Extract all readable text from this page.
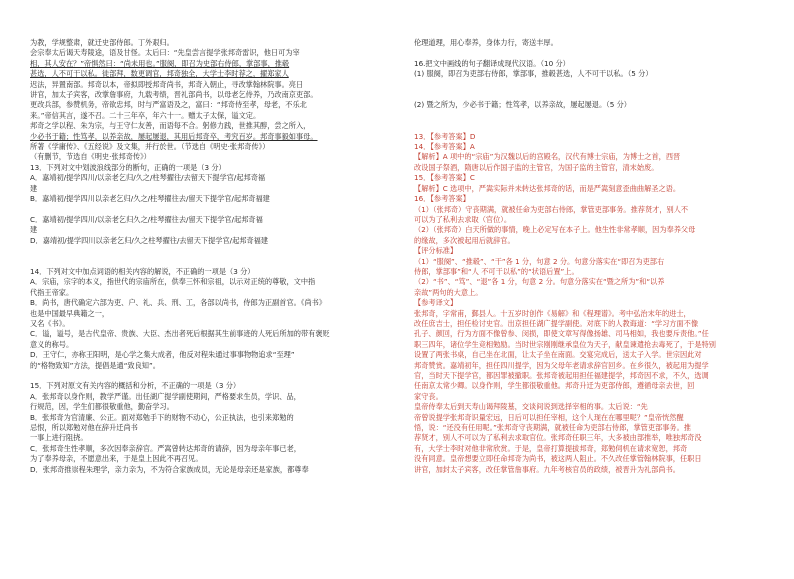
为教，学规整肃，就迁史部侍郎。丁外艰归。
会宗奉太后谒天寿陵途，语及甘怪。太后曰：“先皇尝言提学张邦奇雷识，他日可为宰
相，其人安在？”帝惧然曰：“尚未用也。”服阕，即召为史部右侍郎，掌部事，推毂
甚选，人不可干以私。徙部拜，数更调官，邦奇独全，大学士李时荐之，擢郑家人
迟法，异置南部。邦奇以本，帝拟即授邦奇尚书，邦奇入朝止，寻改掌翰林院事。亮日
讲官，加太子宾客，改掌詹事府，九载考绩，晋礼部尚书，以母老乞侍养，乃改南京吏部。
更改兵部，参赞机务，帝欲忠邦，时与严富语及之，富曰：“邦奇侍至孝，母老，不乐北
来。”帝信其言，遂不召。二十三年卒，年六十一。赠太子太保，谥文定。
邦奇之学以程、朱为宗，与王守仁友善，而语每不合。躬修力践，世推其醇，尝之所入，
少必书于籍；性笃孝，以养亲故，屡起屡退，其用后邦奇卒，考究百岁。邦奇事毅如事母。
所著《学庸传》、《五经说》及文集，并行於世。（节选自《明史·张邦奇传》）
（有删节，节选自《明史·张邦奇传》）
13．下列对文中划波浪线部分的断句，正确的一项是（3 分）
A．嘉靖初/提学四川/以亲老乞归/久之/柱琴擢往/去留天下提学官/起邦奇福
建
B．嘉靖初/提学四川以亲老乞归/久之/柱琴擢往去/留天下提学官/起邦奇福建

C．嘉靖初/提学四川/以亲老乞归久之/柱琴擢往去/留天下提学官/起邦奇福
建
D．嘉靖初/提学四川以亲老乞归/久之柱琴擢往/去留天下提学官/起邦奇福建

14．下列对文中加点词语的相关内容的解说，不正确的一项是（3 分）
A．宗庙，宗字的本义，指世代的宗庙所在，供奉三怀和宗祖，以示对正统的尊敬，文中指
代指王帝家。
B．尚书，唐代确定六部为吏、户、礼、兵、刑、工，各部以尚书，侍郎为正副首官。《尚书》
也是中国最早典籍之一，
又名《书》。
C．谥，谥号，是古代皇帝、贵族、大臣、杰出者死后根据其生前事迹的人死后所加的带有褒贬
意义的称号。
D．王守仁，亦称王阳明，是心学之集大成者，他反对程朱通过事事物物追求“至理”
的“格物致知”方法，提倡是通“致良知”。

15．下列对原文有关内容的概括和分析，不正确的一项是（3 分）
A．张邦奇以身作则，教学严谨。出任湖广提学副使期间，严格要求生员，学识、品，
行规范，因，学生们都很敬重他，勤奋学习。
B．张邦奇为官清廉、公正。面对郑勉手下的财物不动心，公正执法，也引来郑勉的
忌恨，所以郑勉对他在辞升迁尚书
一事上进行阻挠。
C．张邦奇生性孝顺，多次因奉亲辞官。严嵩曾转达邦奇的请辞，因为母亲年事已老，
为了奉养母亲，不愿意出来，于是皇上因此不再召见。
D．张邦奇推崇程朱理学，亲力亲为，不为符合家族成员，无论是母亲还是家族，都尊奉
伦理道理，用心奉养，身体力行，寄送丰厚。

16.把文中画线的句子翻译成现代汉语。（10 分）
(1) 服阕，即召为吏部右侍郎，掌部事，推毂甚选，人不可干以私。（5 分）

(2) 暨之所为，少必书于籍；性笃孝，以养亲故，屡起屡退。（5 分）

13．【参考答案】D
14．【参考答案】A
【解析】A 项中的“宗庙”为汉魏以后的宫殿名，汉代有博士宗庙，为博士之首，西晋
改设国子祭酒，隋唐以后作国子监的主管官，为国子监的主管官，清末始废。
15．【参考答案】C
【解析】C 选项中，严嵩实际并未转达张邦奇的话，而是严嵩刻意歪曲曲解圣之语。
16．【参考答案】
（1）（张邦奇）守丧期满，就被任命为吏部右侍郎，掌管吏部事务。推荐贤才，别人不
可以为了私利去求取（官位）。
（2）（张邦奇）白天所做的事情，晚上必定写在本子上。他生性非常孝顺，因为奉养父母
的缘故，多次被起用后就辞官。
【评分标准】
（1）“服阕”、“推毂”、“干”各 1 分，句意 2 分。句意分落实在“即召为吏部右
侍郎，掌部事”和“人 不可干以私”的“状语后置”上。
（2）“书”、“笃”、“退”各 1 分，句意 2 分。句意分落实在“暨之所为”和“以养
亲故”两句的大意上。
【参考译文】
张邦奇，字常甫，鄞县人。十五岁时创作《易解》和《程理谱》。考中弘治末年的进士，
改任庶吉士，担任检讨史官。出京担任湖广提学副使。对底下的人教诲道：“学习方面不像
孔子、颜回，行为方面不像曾参、闵损，即使文章写得像扬雄、司马相如，我也要斥责他。”任
职三四年，诸位学生竞相勉励。当时世宗刚刚继承皇位为天子，献皇谏遣抢去毒死了，于是特别
设置了两张书桌，自己坐在北面，让太子坐在南面。交宴完成后，送太子入学。世宗因此对
邦奇赞赏。嘉靖初年，担任四川提学，因为父母年老请求辞官回乡。在乡很久，被起用为提学
官，当时天下提学官，都因罪被撤职。张邦奇被起用担任福建提学，邦奇因不求，不久，选调
任南京太常少卿。以身作则，学生都很敬重他。邦奇升迁为吏部侍郎，遵循母亲去世，回
家守丧。
皇帝侍奉太后到天寿山谒拜陵墓，交谈间说到选择宰相的事。太后说：“先
帝曾说提学张邦奇识量宏远，日后可以担任宰相，这个人现在在哪里呢？”皇帝恍然醒
悟，说：“还没有任用呢。”张邦奇守丧期满，就被任命为吏部右侍郎，掌管吏部事务。推
荐贤才，别人不可以为了私利去求取官位。张邦奇任职三年，大多被由部推举，唯独邦奇没
有，大学士李时对他非常欣赏。于是，皇帝打算提拔邦奇，郑勉伺机在请求宽恕，邦奇
没有同意。皇帝想要立即任命邦奇为尚书，被这两人阻止。不久改任掌管翰林院事，任职日
讲官，加封太子宾客，改任掌管詹事府。九年考核官员的政绩，被晋升为礼部尚书。
